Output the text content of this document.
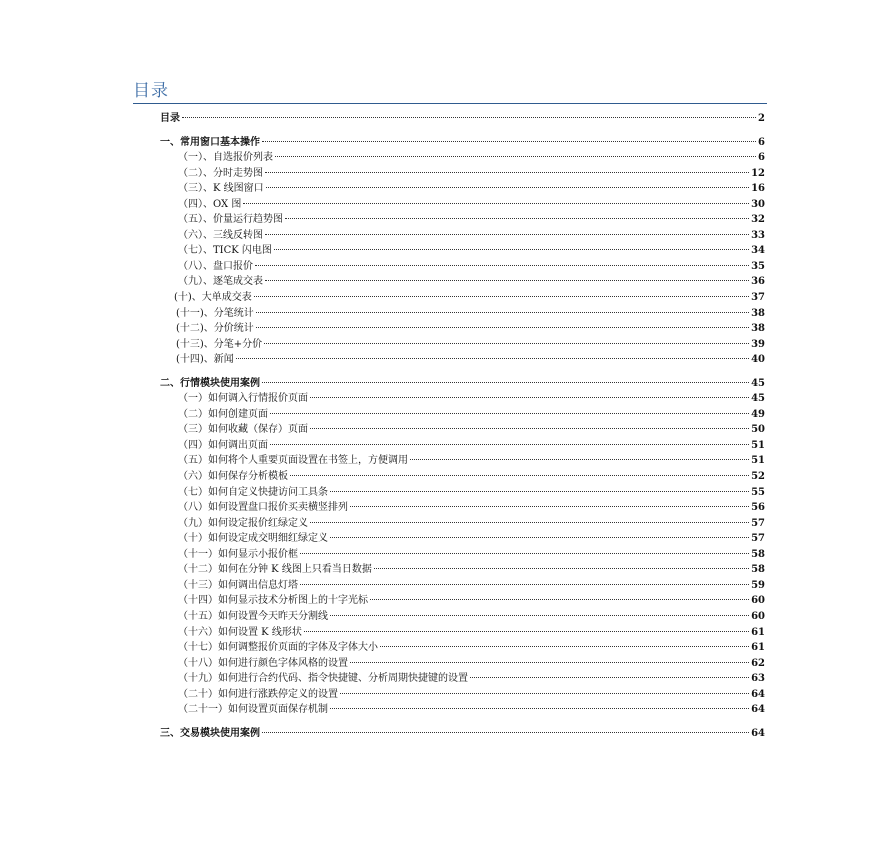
目录
目录	2
一、常用窗口基本操作	6
（一）、自选报价列表	6
（二）、分时走势图	12
（三）、K 线图窗口	16
（四）、OX 图	30
（五）、价量运行趋势图	32
（六）、三线反转图	33
（七）、TICK 闪电图	34
（八）、盘口报价	35
（九）、逐笔成交表	36
(十)、大单成交表	37
(十一)、分笔统计	38
(十二)、分价统计	38
(十三)、分笔+分价	39
(十四)、新闻	40
二、行情模块使用案例	45
（一）如何调入行情报价页面	45
（二）如何创建页面	49
（三）如何收藏（保存）页面	50
（四）如何调出页面	51
（五）如何将个人重要页面设置在书签上，方便调用	51
（六）如何保存分析模板	52
（七）如何自定义快捷访问工具条	55
（八）如何设置盘口报价买卖横竖排列	56
（九）如何设定报价红绿定义	57
（十）如何设定成交明细红绿定义	57
（十一）如何显示小报价框	58
（十二）如何在分钟 K 线图上只看当日数据	58
（十三）如何调出信息灯塔	59
（十四）如何显示技术分析图上的十字光标	60
（十五）如何设置今天昨天分割线	60
（十六）如何设置 K 线形状	61
（十七）如何调整报价页面的字体及字体大小	61
（十八）如何进行颜色字体风格的设置	62
（十九）如何进行合约代码、指令快捷键、分析周期快捷键的设置	63
（二十）如何进行涨跌停定义的设置	64
（二十一）如何设置页面保存机制	64
三、交易模块使用案例	64
